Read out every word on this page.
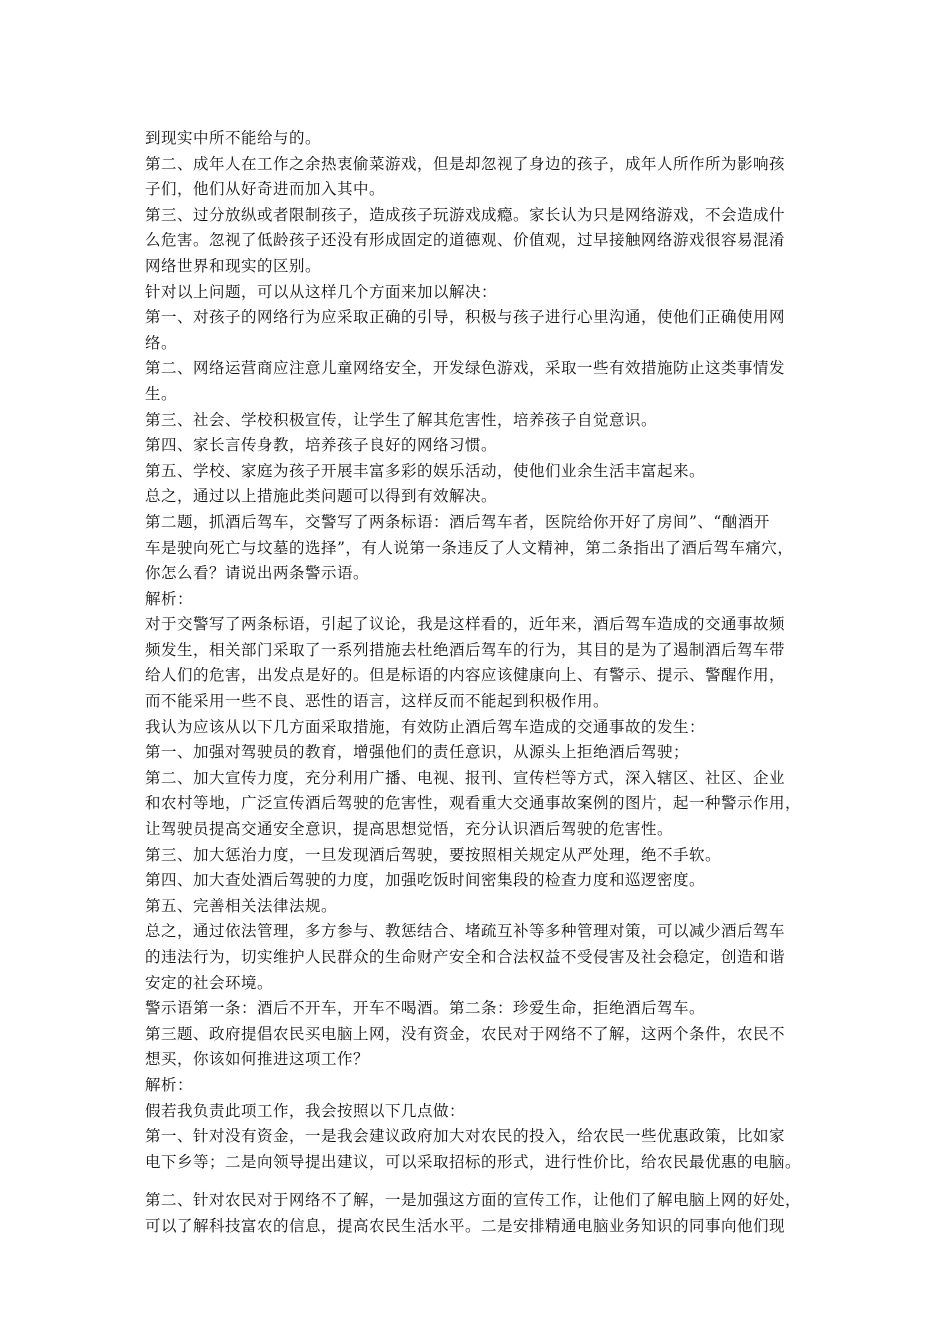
到现实中所不能给与的。

第二、成年人在工作之余热衷偷菜游戏，但是却忽视了身边的孩子，成年人所作所为影响孩
子们，他们从好奇进而加入其中。

第三、过分放纵或者限制孩子，造成孩子玩游戏成瘾。家长认为只是网络游戏，不会造成什
么危害。忽视了低龄孩子还没有形成固定的道德观、价值观，过早接触网络游戏很容易混淆
网络世界和现实的区别。

针对以上问题，可以从这样几个方面来加以解决：

第一、对孩子的网络行为应采取正确的引导，积极与孩子进行心里沟通，使他们正确使用网
络。

第二、网络运营商应注意儿童网络安全，开发绿色游戏，采取一些有效措施防止这类事情发
生。

第三、社会、学校积极宣传，让学生了解其危害性，培养孩子自觉意识。

第四、家长言传身教，培养孩子良好的网络习惯。

第五、学校、家庭为孩子开展丰富多彩的娱乐活动，使他们业余生活丰富起来。

总之，通过以上措施此类问题可以得到有效解决。

第二题，抓酒后驾车，交警写了两条标语：酒后驾车者，医院给你开好了房间”、“酗酒开
车是驶向死亡与坟墓的选择”，有人说第一条违反了人文精神，第二条指出了酒后驾车痛穴，
你怎么看？请说出两条警示语。

解析：

对于交警写了两条标语，引起了议论，我是这样看的，近年来，酒后驾车造成的交通事故频
频发生，相关部门采取了一系列措施去杜绝酒后驾车的行为，其目的是为了遏制酒后驾车带
给人们的危害，出发点是好的。但是标语的内容应该健康向上、有警示、提示、警醒作用，
而不能采用一些不良、恶性的语言，这样反而不能起到积极作用。

我认为应该从以下几方面采取措施，有效防止酒后驾车造成的交通事故的发生：

第一、加强对驾驶员的教育，增强他们的责任意识，从源头上拒绝酒后驾驶；

第二、加大宣传力度，充分利用广播、电视、报刊、宣传栏等方式，深入辖区、社区、企业
和农村等地，广泛宣传酒后驾驶的危害性，观看重大交通事故案例的图片，起一种警示作用，
让驾驶员提高交通安全意识，提高思想觉悟，充分认识酒后驾驶的危害性。

第三、加大惩治力度，一旦发现酒后驾驶，要按照相关规定从严处理，绝不手软。

第四、加大查处酒后驾驶的力度，加强吃饭时间密集段的检查力度和巡逻密度。

第五、完善相关法律法规。

总之，通过依法管理，多方参与、教惩结合、堵疏互补等多种管理对策，可以减少酒后驾车
的违法行为，切实维护人民群众的生命财产安全和合法权益不受侵害及社会稳定，创造和谐
安定的社会环境。

警示语第一条：酒后不开车，开车不喝酒。第二条：珍爱生命，拒绝酒后驾车。

第三题、政府提倡农民买电脑上网，没有资金，农民对于网络不了解，这两个条件，农民不
想买，你该如何推进这项工作？

解析：

假若我负责此项工作，我会按照以下几点做：

第一、针对没有资金，一是我会建议政府加大对农民的投入，给农民一些优惠政策，比如家
电下乡等；二是向领导提出建议，可以采取招标的形式，进行性价比，给农民最优惠的电脑。

第二、针对农民对于网络不了解，一是加强这方面的宣传工作，让他们了解电脑上网的好处，
可以了解科技富农的信息，提高农民生活水平。二是安排精通电脑业务知识的同事向他们现
